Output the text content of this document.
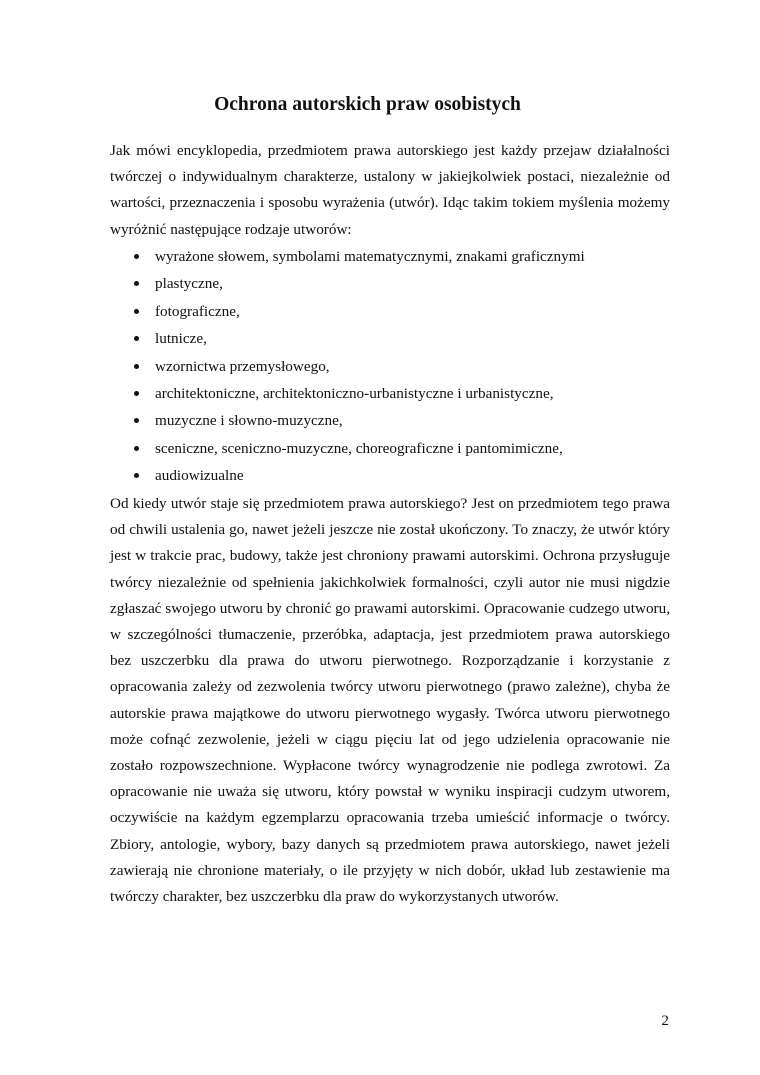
Ochrona autorskich praw osobistych

Jak mówi encyklopedia, przedmiotem prawa autorskiego jest każdy przejaw działalności twórczej o indywidualnym charakterze, ustalony w jakiejkolwiek postaci, niezależnie od wartości, przeznaczenia i sposobu wyrażenia (utwór). Idąc takim tokiem myślenia możemy wyróżnić następujące rodzaje utworów:

wyrażone słowem, symbolami matematycznymi, znakami graficznymi
plastyczne,
fotograficzne,
lutnicze,
wzornictwa przemysłowego,
architektoniczne, architektoniczno-urbanistyczne i urbanistyczne,
muzyczne i słowno-muzyczne,
sceniczne, sceniczno-muzyczne, choreograficzne i pantomimiczne,
audiowizualne

Od kiedy utwór staje się przedmiotem prawa autorskiego? Jest on przedmiotem tego prawa od chwili ustalenia go, nawet jeżeli jeszcze nie został ukończony. To znaczy, że utwór który jest w trakcie prac, budowy, także jest chroniony prawami autorskimi. Ochrona przysługuje twórcy niezależnie od spełnienia jakichkolwiek formalności, czyli autor nie musi nigdzie zgłaszać swojego utworu by chronić go prawami autorskimi. Opracowanie cudzego utworu, w szczególności tłumaczenie, przeróbka, adaptacja, jest przedmiotem prawa autorskiego bez uszczerbku dla prawa do utworu pierwotnego. Rozporządzanie i korzystanie z opracowania zależy od zezwolenia twórcy utworu pierwotnego (prawo zależne), chyba że autorskie prawa majątkowe do utworu pierwotnego wygasły. Twórca utworu pierwotnego może cofnąć zezwolenie, jeżeli w ciągu pięciu lat od jego udzielenia opracowanie nie zostało rozpowszechnione. Wypłacone twórcy wynagrodzenie nie podlega zwrotowi. Za opracowanie nie uważa się utworu, który powstał w wyniku inspiracji cudzym utworem, oczywiście na każdym egzemplarzu opracowania trzeba umieścić informacje o twórcy. Zbiory, antologie, wybory, bazy danych są przedmiotem prawa autorskiego, nawet jeżeli zawierają nie chronione materiały, o ile przyjęty w nich dobór, układ lub zestawienie ma twórczy charakter, bez uszczerbku dla praw do wykorzystanych utworów.

2
